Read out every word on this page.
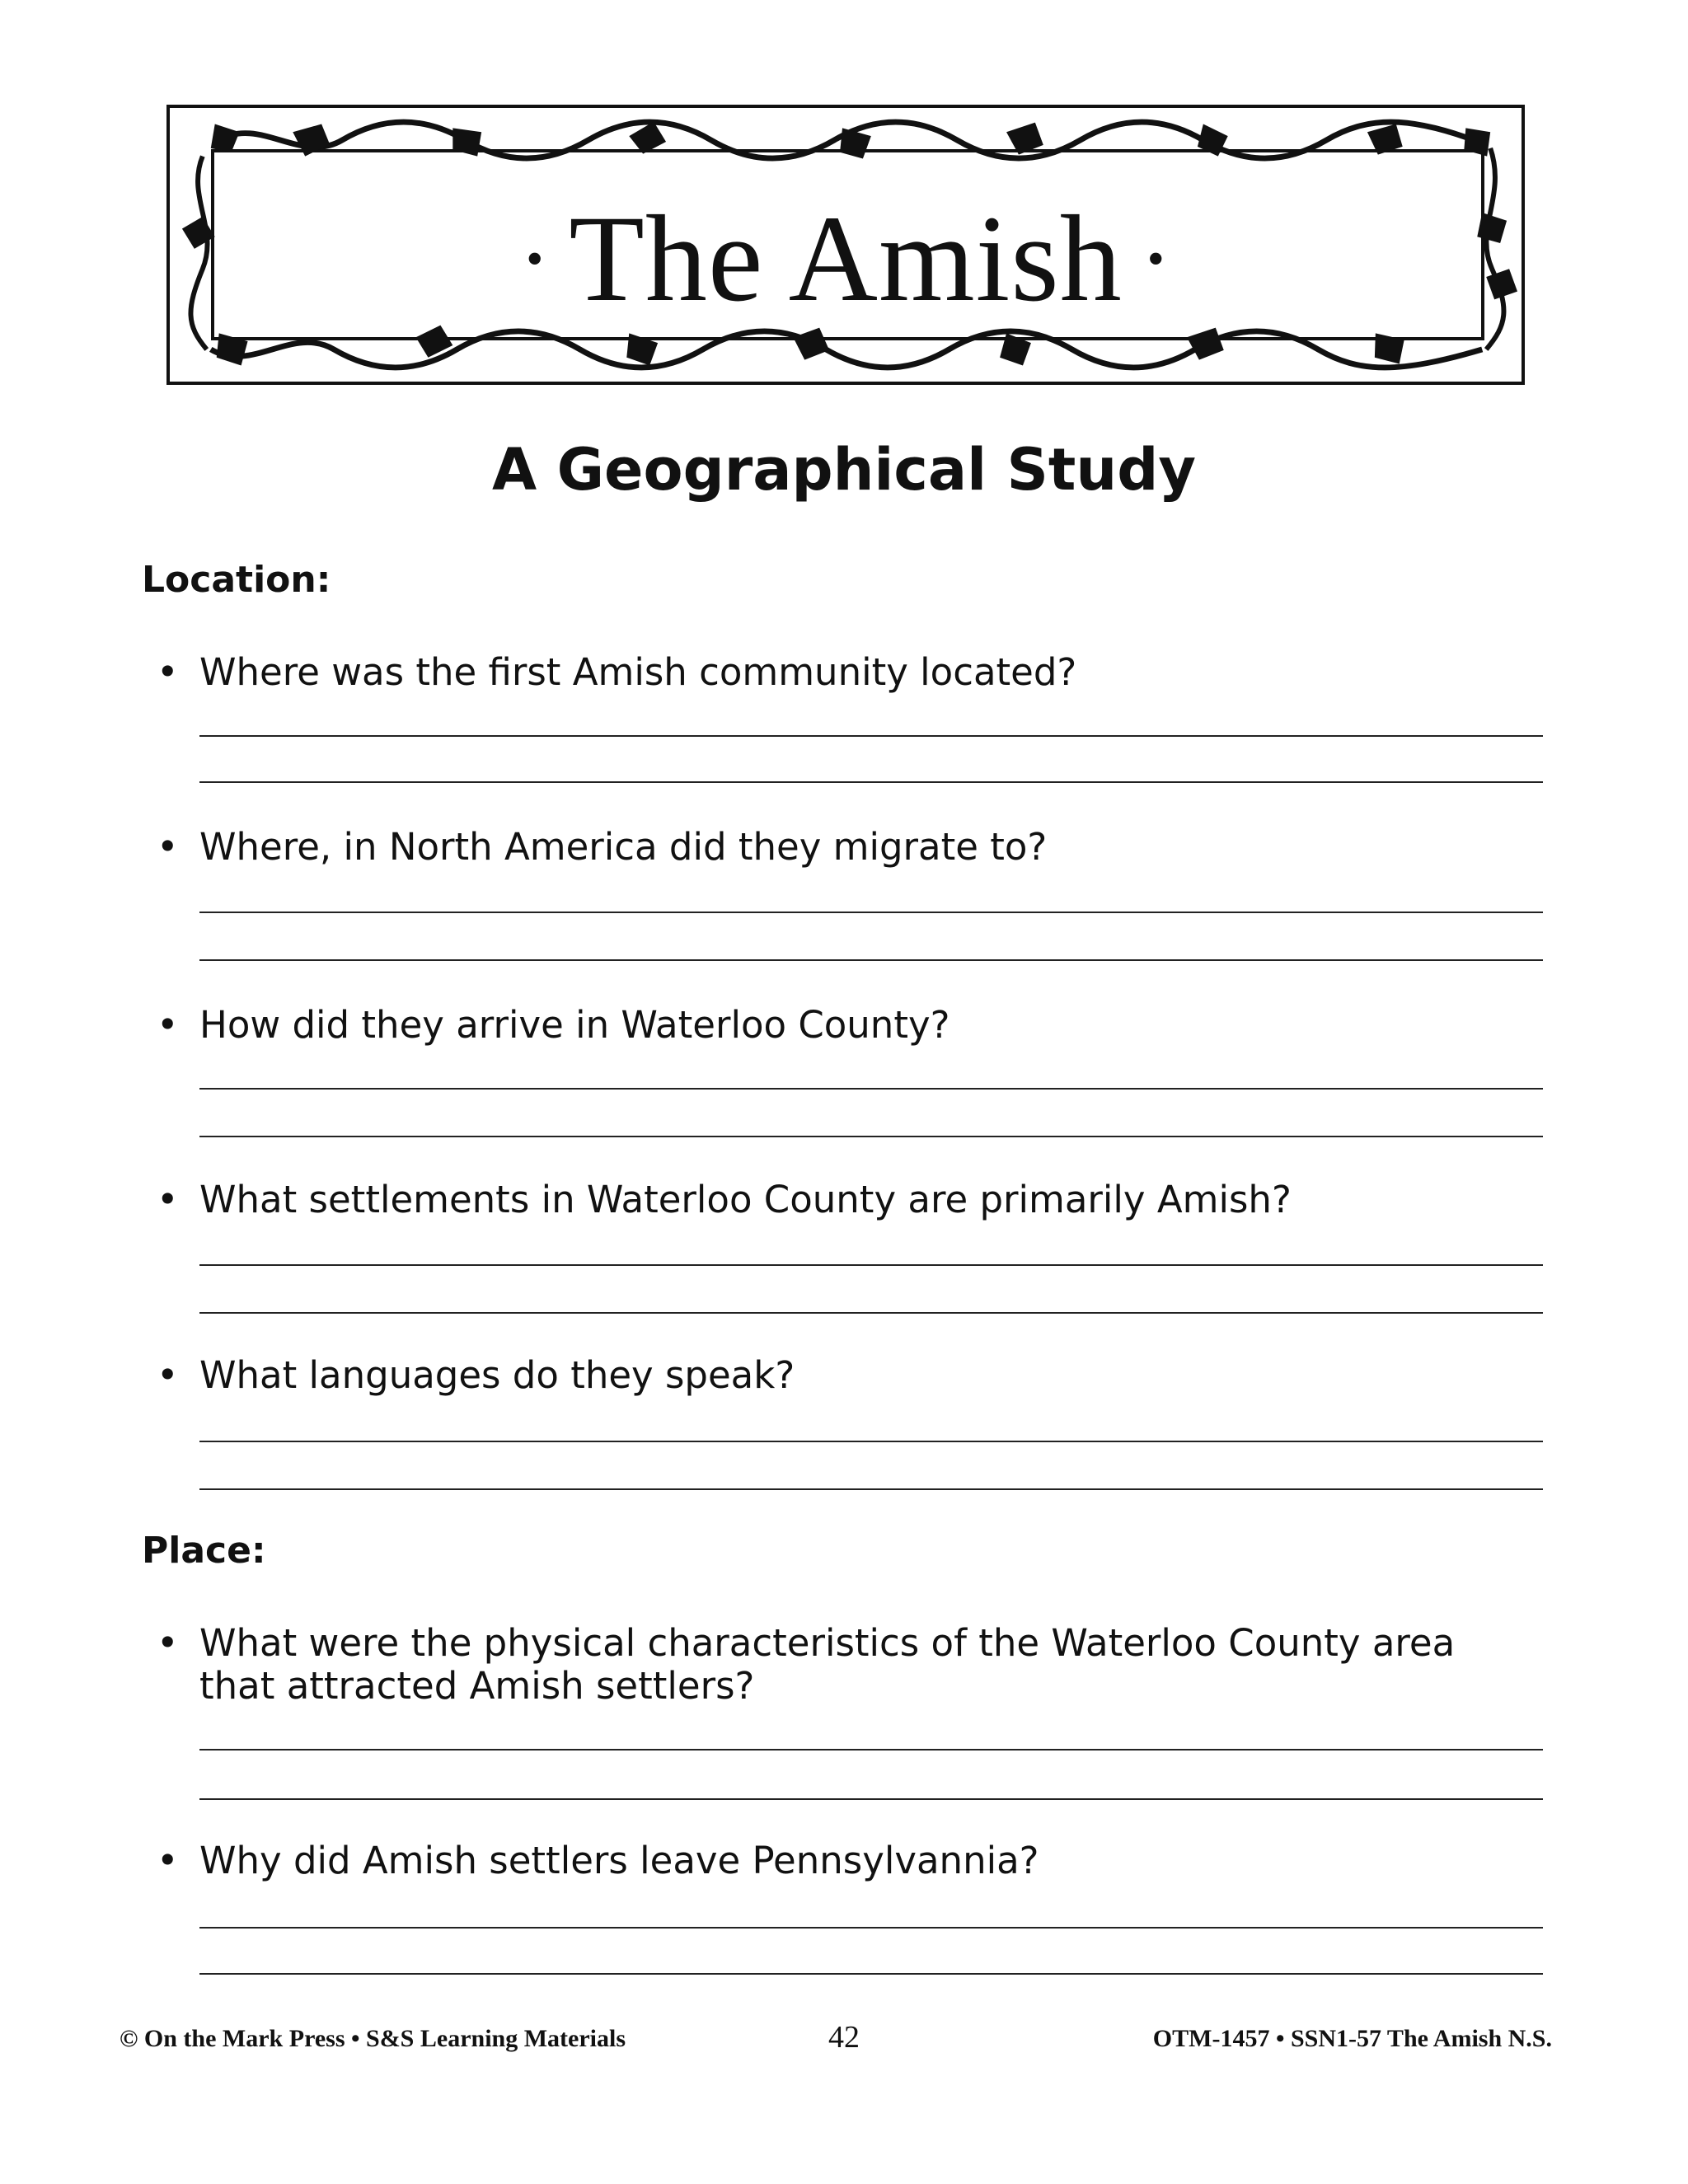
• The Amish •
A Geographical Study
Location:
• Where was the first Amish community located?
• Where, in North America did they migrate to?
• How did they arrive in Waterloo County?
• What settlements in Waterloo County are primarily Amish?
• What languages do they speak?
Place:
• What were the physical characteristics of the Waterloo County area that attracted Amish settlers?
• Why did Amish settlers leave Pennsylvannia?
© On the Mark Press • S&S Learning Materials	42	OTM-1457 • SSN1-57 The Amish N.S.
